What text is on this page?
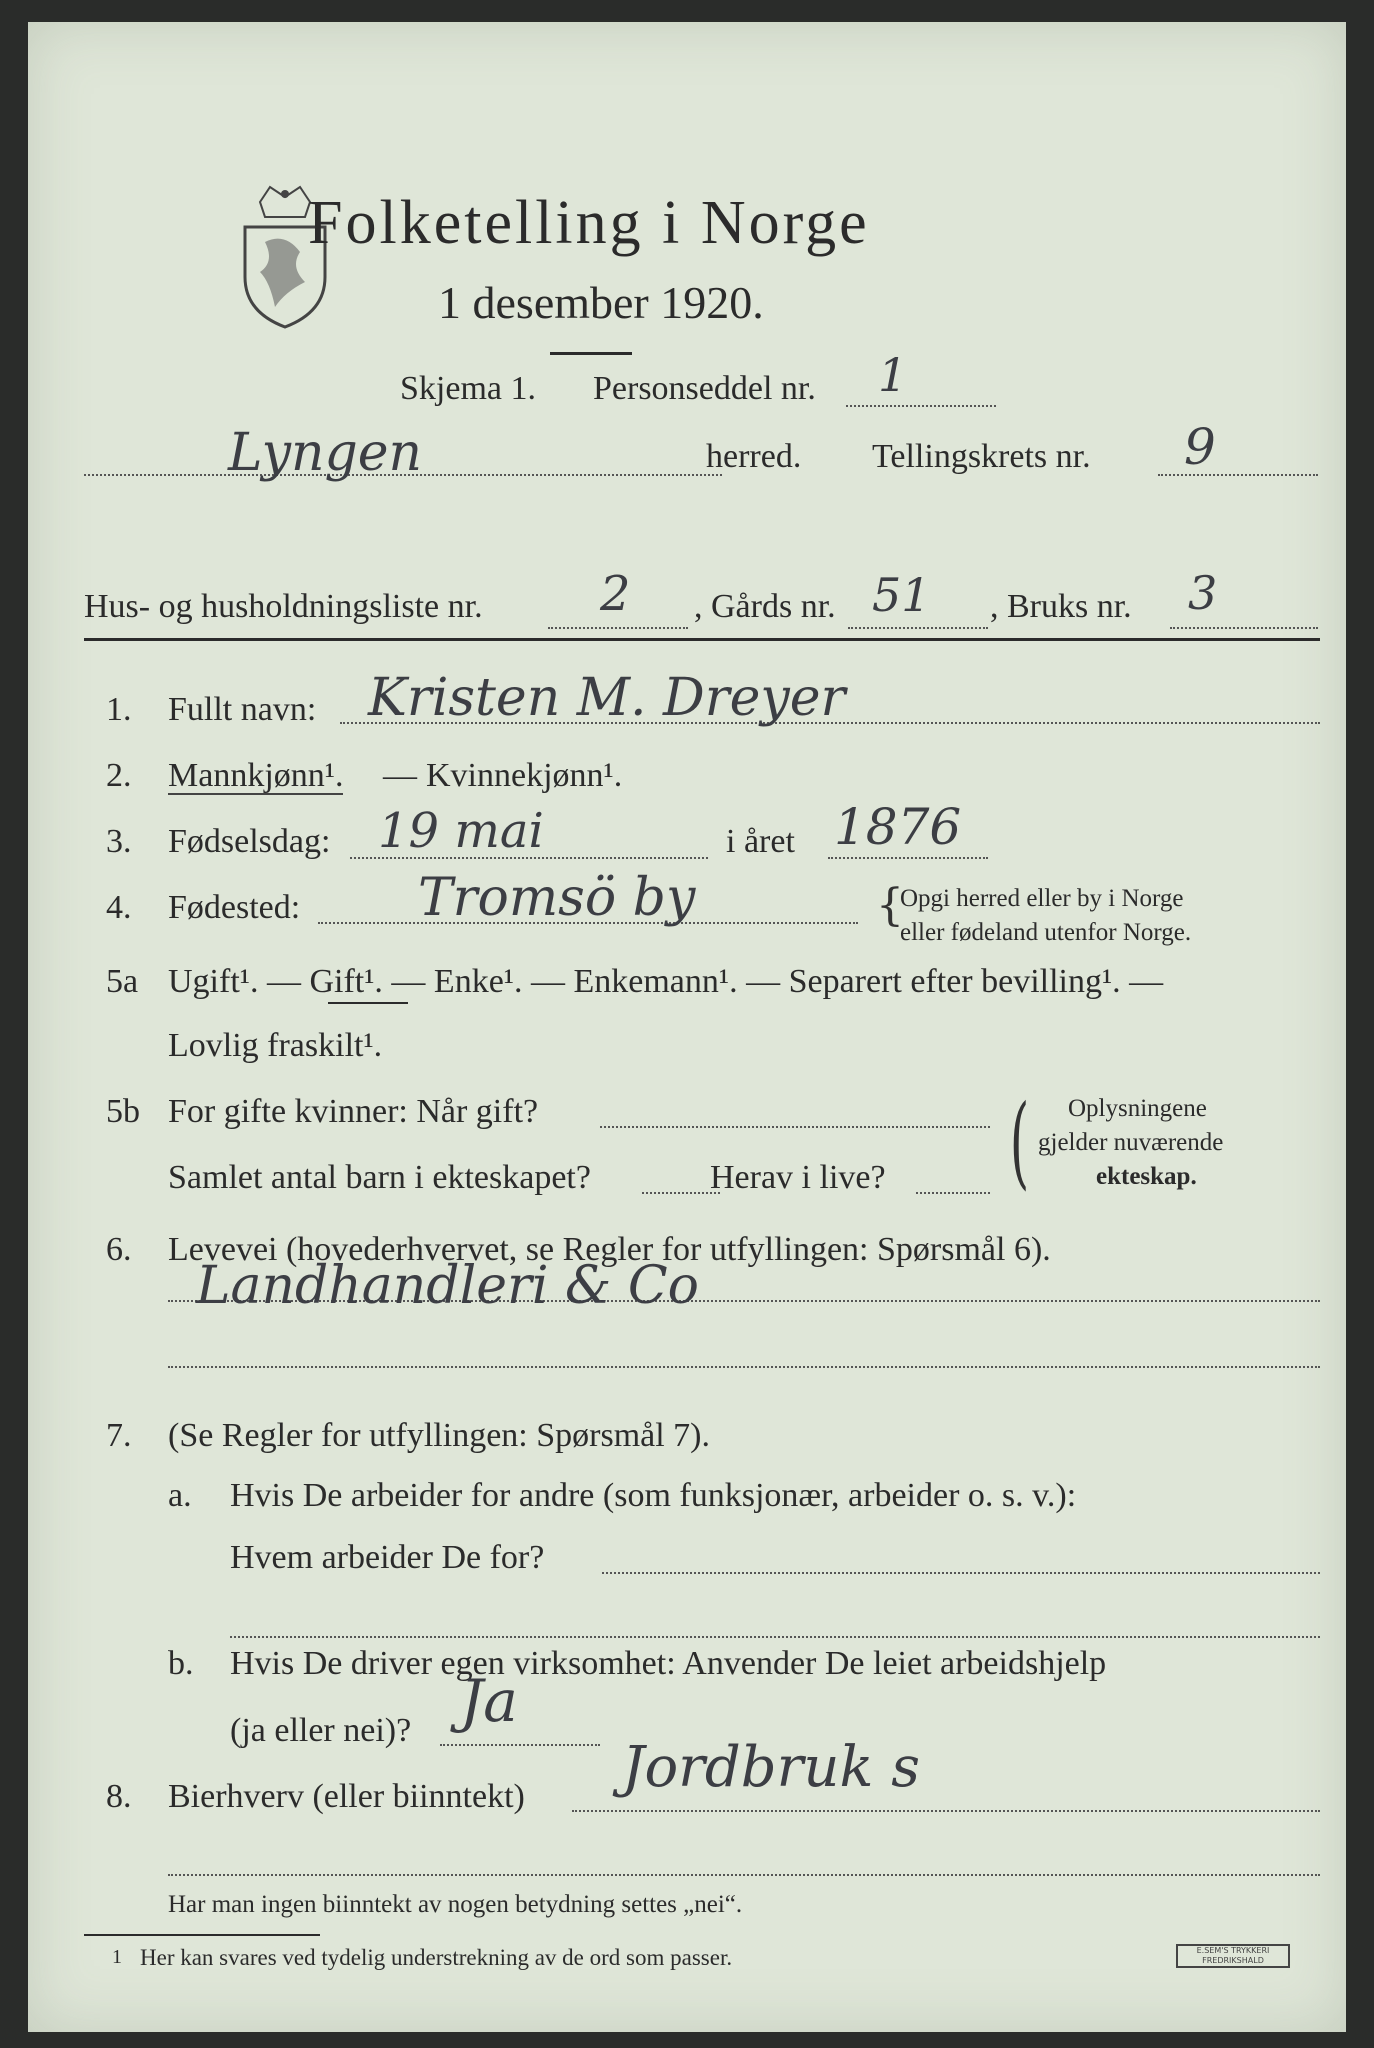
Folketelling i Norge
1 desember 1920.
Skjema 1. Personseddel nr. 1
Lyngen	herred. Tellingskrets nr. 9
Hus- og husholdningsliste nr. 2 , Gårds nr. 51 , Bruks nr. 3
1. Fullt navn: Kristen M. Dreyer
2. Mannkjønn¹. — Kvinnekjønn¹.
3. Fødselsdag: 19 mai	i året 1876
4. Fødested: Tromsö by	{
Opgi herred eller by i Norge
eller fødeland utenfor Norge.
5a Ugift¹. — Gift¹. — Enke¹. — Enkemann¹. — Separert efter bevilling¹. —
Lovlig fraskilt¹.
5b For gifte kvinner: Når gift?
Samlet antal barn i ekteskapet?	Herav i live? ( Oplysningene
gjelder nuværende
ekteskap.
6. Levevei (hovederhvervet, se Regler for utfyllingen: Spørsmål 6).
Landhandleri & Co
7. (Se Regler for utfyllingen: Spørsmål 7).
a. Hvis De arbeider for andre (som funksjonær, arbeider o. s. v.):
Hvem arbeider De for?
b. Hvis De driver egen virksomhet: Anvender De leiet arbeidshjelp
(ja eller nei)? Ja
8. Bierhverv (eller biinntekt) Jordbruk s
Har man ingen biinntekt av nogen betydning settes „nei“.
1 Her kan svares ved tydelig understrekning av de ord som passer.	E.SEM'S TRYKKERI
FREDRIKSHALD
